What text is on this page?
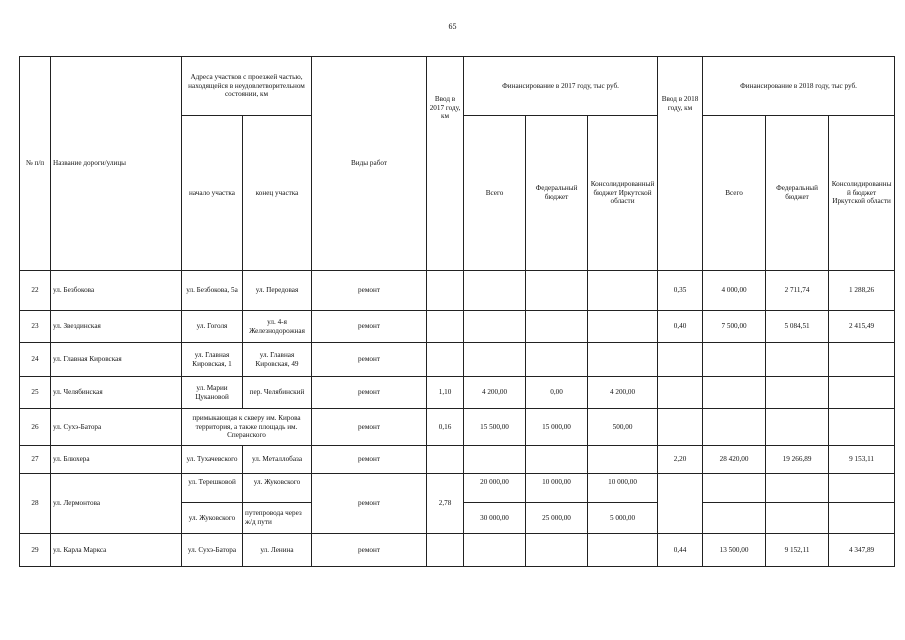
65
№ п/п	Название дороги/улицы	Адреса участков с проезжей частью, находящейся в неудовлетворительном состоянии, км		Виды работ	Ввод в 2017 году, км	Финансирование в 2017 году, тыс руб.			Ввод в 2018 году, км	Финансирование в 2018 году, тыс руб.		
		начало участка	конец участка			Всего	Федеральный бюджет	Консолидированный бюджет Иркутской области		Всего	Федеральный бюджет	Консолидированный бюджет Иркутской области
22	ул. Безбокова	ул. Безбокова, 5а	ул. Передовая	ремонт					0,35	4 000,00	2 711,74	1 288,26
23	ул. Звездинская	ул. Гоголя	ул. 4-я Железнодорожная	ремонт					0,40	7 500,00	5 084,51	2 415,49
24	ул. Главная Кировская	ул. Главная Кировская, 1	ул. Главная Кировская, 49	ремонт								
25	ул. Челябинская	ул. Марии Цукановой	пер. Челябинский	ремонт	1,10	4 200,00	0,00	4 200,00				
26	ул. Сухэ-Батора	примыкающая к скверу им. Кирова территория, а также площадь им. Сперанского		ремонт	0,16	15 500,00	15 000,00	500,00				
27	ул. Блюхера	ул. Тухачевского	ул. Металлобаза	ремонт					2,20	28 420,00	19 266,89	9 153,11
28	ул. Лермонтова	ул. Терешковой	ул. Жуковского	ремонт	2,78	20 000,00	10 000,00	10 000,00				
		ул. Жуковского	путепровода через ж/д пути			30 000,00	25 000,00	5 000,00				
29	ул. Карла Маркса	ул. Сухэ-Батора	ул. Ленина	ремонт					0,44	13 500,00	9 152,11	4 347,89
